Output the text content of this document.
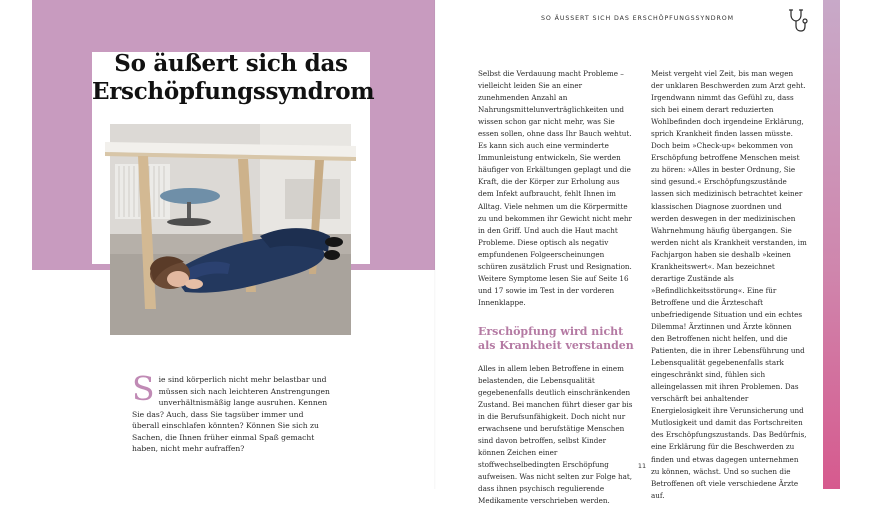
So äußert sich das Erschöpfungssyndrom
Sie sind körperlich nicht mehr belastbar und müssen sich nach leichteren Anstrengungen unverhältnismäßig lange ausruhen. Kennen Sie das? Auch, dass Sie tagsüber immer und überall einschlafen könnten? Können Sie sich zu Sachen, die Ihnen früher einmal Spaß gemacht haben, nicht mehr aufraffen?
SO ÄUSSERT SICH DAS ERSCHÖPFUNGSSYNDROM

Selbst die Verdauung macht Probleme – vielleicht leiden Sie an einer zunehmenden Anzahl an Nahrungsmittelunverträglichkeiten und wissen schon gar nicht mehr, was Sie essen sollen, ohne dass Ihr Bauch wehtut. Es kann sich auch eine verminderte Immunleistung entwickeln, Sie werden häufiger von Erkältungen geplagt und die Kraft, die der Körper zur Erholung aus dem Infekt aufbraucht, fehlt Ihnen im Alltag. Viele nehmen um die Körpermitte zu und bekommen ihr Gewicht nicht mehr in den Griff. Und auch die Haut macht Probleme. Diese optisch als negativ empfundenen Folgeerscheinungen schüren zusätzlich Frust und Resignation. Weitere Symptome lesen Sie auf Seite 16 und 17 sowie im Test in der vorderen Innenklappe.

Erschöpfung wird nicht als Krankheit verstanden

Alles in allem leben Betroffene in einem belastenden, die Lebensqualität gegebenenfalls deutlich einschränkenden Zustand. Bei manchen führt dieser gar bis in die Berufsunfähigkeit. Doch nicht nur erwachsene und berufstätige Menschen sind davon betroffen, selbst Kinder können Zeichen einer stoffwechselbedingten Erschöpfung aufweisen. Was nicht selten zur Folge hat, dass ihnen psychisch regulierende Medikamente verschrieben werden.

Meist vergeht viel Zeit, bis man wegen der unklaren Beschwerden zum Arzt geht. Irgendwann nimmt das Gefühl zu, dass sich bei einem derart reduzierten Wohlbefinden doch irgendeine Erklärung, sprich Krankheit finden lassen müsste. Doch beim »Check-up« bekommen von Erschöpfung betroffene Menschen meist zu hören: »Alles in bester Ordnung, Sie sind gesund.« Erschöpfungszustände lassen sich medizinisch betrachtet keiner klassischen Diagnose zuordnen und werden deswegen in der medizinischen Wahrnehmung häufig übergangen. Sie werden nicht als Krankheit verstanden, im Fachjargon haben sie deshalb »keinen Krankheitswert«. Man bezeichnet derartige Zustände als »Befindlichkeitsstörung«. Eine für Betroffene und die Ärzteschaft unbefriedigende Situation und ein echtes Dilemma! Ärztinnen und Ärzte können den Betroffenen nicht helfen, und die Patienten, die in ihrer Lebensführung und Lebensqualität gegebenenfalls stark eingeschränkt sind, fühlen sich alleingelassen mit ihren Problemen. Das verschärft bei anhaltender Energielosigkeit ihre Verunsicherung und Mutlosigkeit und damit das Fortschreiten des Erschöpfungszustands. Das Bedürfnis, eine Erklärung für die Beschwerden zu finden und etwas dagegen unternehmen zu können, wächst. Und so suchen die Betroffenen oft viele verschiedene Ärzte auf.

11
